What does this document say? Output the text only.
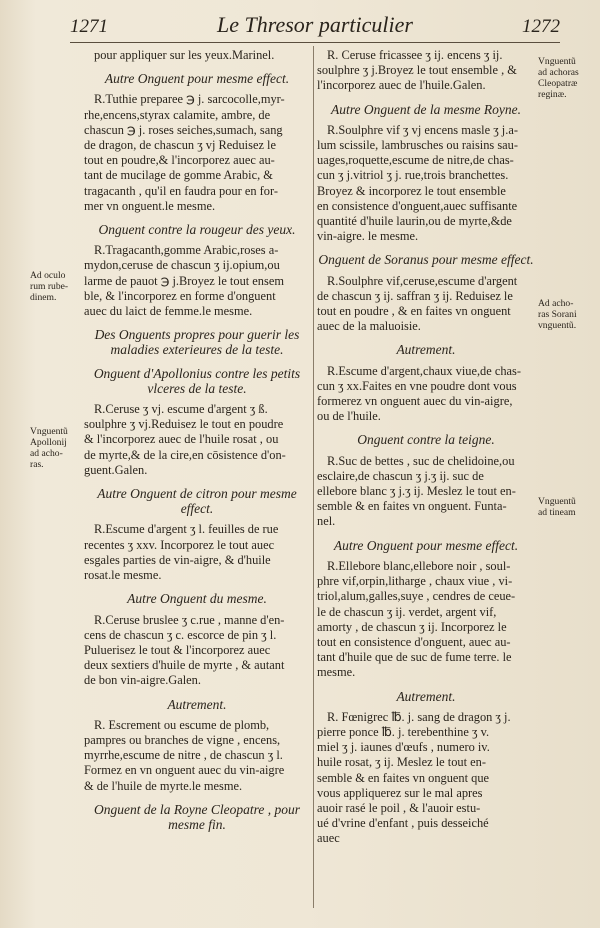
1271	Le Thresor particulier	1272

pour appliquer sur les yeux.Marinel.

Autre Onguent pour mesme effect.

R.Tuthie preparee ℈ j. sarcocolle,myr-

rhe,encens,styrax calamite, ambre, de

chascun ℈ j. roses seiches,sumach, sang

de dragon, de chascun ʒ vj Reduisez le

tout en poudre,& l'incorporez auec au-

tant de mucilage de gomme Arabic, &

tragacanth , qu'il en faudra pour en for-

mer vn onguent.le mesme.

Onguent contre la rougeur des yeux.

R.Tragacanth,gomme Arabic,roses a-

mydon,ceruse de chascun ʒ ij.opium,ou

larme de pauot ℈ j.Broyez le tout ensem

ble, & l'incorporez en forme d'onguent

auec du laict de femme.le mesme.

Des Onguents propres pour guerir les maladies exterieures de la teste.
Onguent d'Apollonius contre les petits vlceres de la teste.

R.Ceruse ʒ vj. escume d'argent ʒ ß.

soulphre ʒ vj.Reduisez le tout en poudre

& l'incorporez auec de l'huile rosat , ou

de myrte,& de la cire,en cōsistence d'on-

guent.Galen.

Autre Onguent de citron pour mesme effect.

R.Escume d'argent ʒ l. feuilles de rue

recentes ʒ xxv. Incorporez le tout auec

esgales parties de vin-aigre, & d'huile

rosat.le mesme.

Autre Onguent du mesme.

R.Ceruse bruslee ʒ c.rue , manne d'en-

cens de chascun ʒ c. escorce de pin ʒ l.

Puluerisez le tout & l'incorporez auec

deux sextiers d'huile de myrte , & autant

de bon vin-aigre.Galen.

Autrement.

R. Escrement ou escume de plomb,

pampres ou branches de vigne , encens,

myrrhe,escume de nitre , de chascun ʒ l.

Formez en vn onguent auec du vin-aigre

& de l'huile de myrte.le mesme.

Onguent de la Royne Cleopatre , pour mesme fin.

R. Ceruse fricassee ʒ ij. encens ʒ ij.

soulphre ʒ j.Broyez le tout ensemble , &

l'incorporez auec de l'huile.Galen.

Autre Onguent de la mesme Royne.

R.Soulphre vif ʒ vj encens masle ʒ j.a-

lum scissile, lambrusches ou raisins sau-

uages,roquette,escume de nitre,de chas-

cun ʒ j.vitriol ʒ j. rue,trois branchettes.

Broyez & incorporez le tout ensemble

en consistence d'onguent,auec suffisante

quantité d'huile laurin,ou de myrte,&de

vin-aigre. le mesme.

Onguent de Soranus pour mesme effect.

R.Soulphre vif,ceruse,escume d'argent

de chascun ʒ ij. saffran ʒ ij. Reduisez le

tout en poudre , & en faites vn onguent

auec de la maluoisie.

Autrement.

R.Escume d'argent,chaux viue,de chas-

cun ʒ xx.Faites en vne poudre dont vous

formerez vn onguent auec du vin-aigre,

ou de l'huile.

Onguent contre la teigne.

R.Suc de bettes , suc de chelidoine,ou

esclaire,de chascun ʒ j.ʒ ij. suc de

ellebore blanc ʒ j.ʒ ij. Meslez le tout en-

semble & en faites vn onguent. Funta-

nel.

Autre Onguent pour mesme effect.

R.Ellebore blanc,ellebore noir , soul-

phre vif,orpin,litharge , chaux viue , vi-

triol,alum,galles,suye , cendres de ceue-

le de chascun ʒ ij. verdet, argent vif,

amorty , de chascun ʒ ij. Incorporez le

tout en consistence d'onguent, auec au-

tant d'huile que de suc de fume terre. le

mesme.

Autrement.

R. Fœnigrec ℔. j. sang de dragon ʒ j.

pierre ponce ℔. j. terebenthine ʒ v.

miel ʒ j. iaunes d'œufs , numero iv.

huile rosat, ʒ ij. Meslez le tout en-

semble & en faites vn onguent que

vous appliquerez sur le mal apres

auoir rasé le poil , & l'auoir estu-

ué d'vrine d'enfant , puis desseiché

auec

Ad oculo
rum rube-
dinem.
Vnguentũ
Apollonij
ad acho-
ras.
Vnguentũ
ad achoras
Cleopatræ
reginæ.
Ad acho-
ras Sorani
vnguentũ.
Vnguentũ
ad tineam
